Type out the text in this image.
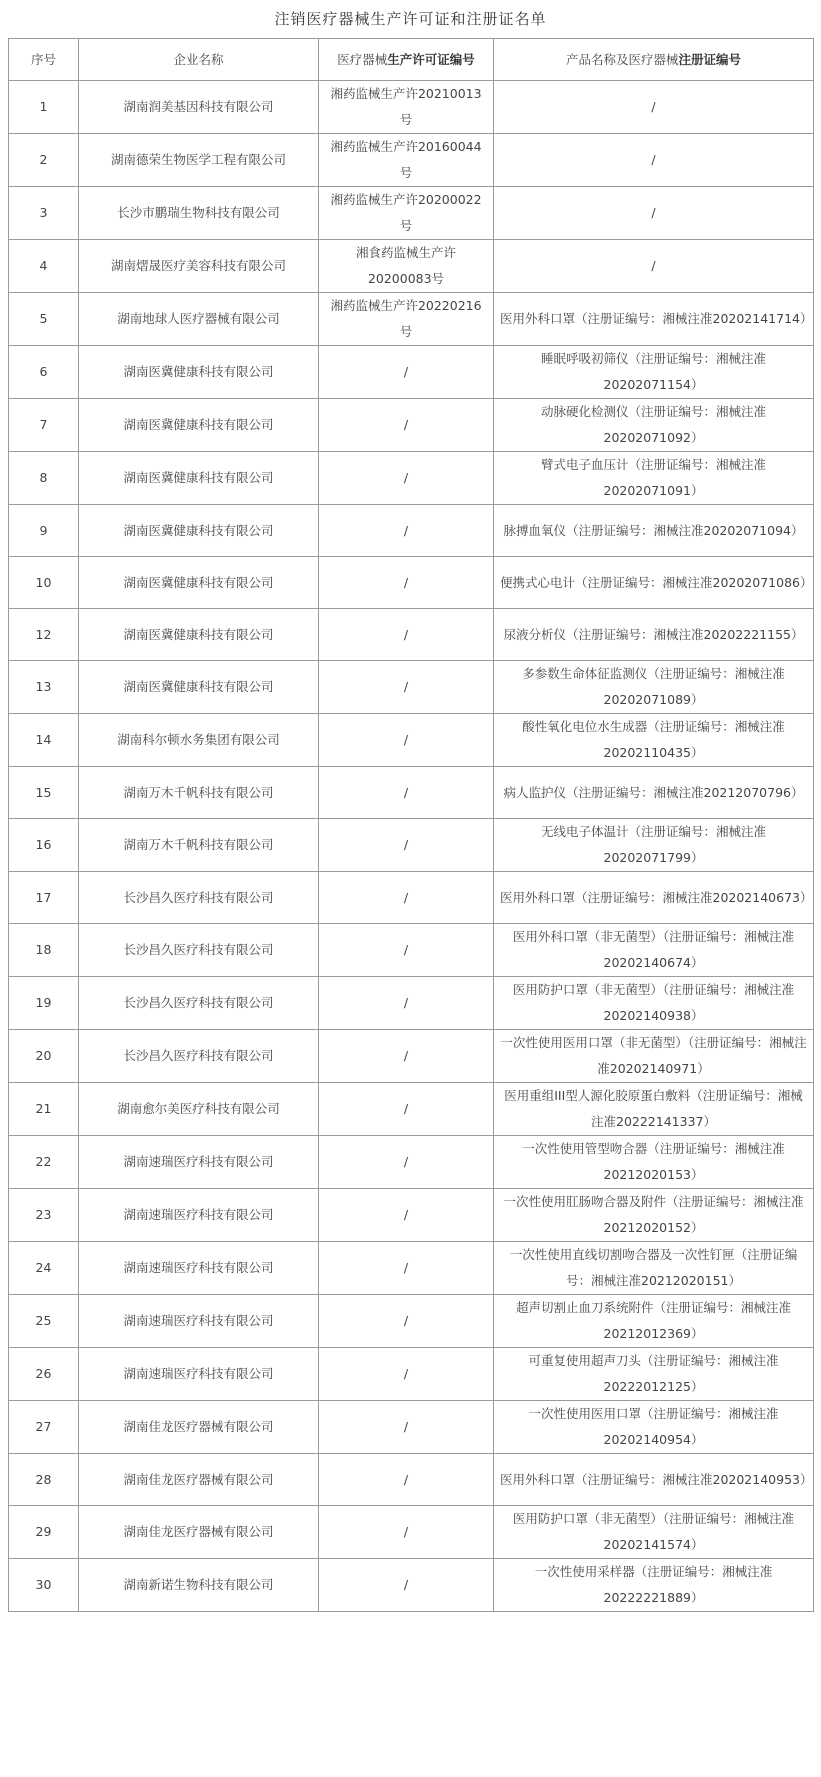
注销医疗器械生产许可证和注册证名单
序号	企业名称	医疗器械生产许可证编号	产品名称及医疗器械注册证编号
1	湖南润美基因科技有限公司	湘药监械生产许20210013号	/
2	湖南德荣生物医学工程有限公司	湘药监械生产许20160044号	/
3	长沙市鹏瑞生物科技有限公司	湘药监械生产许20200022号	/
4	湖南熠晟医疗美容科技有限公司	湘食药监械生产许20200083号	/
5	湖南地球人医疗器械有限公司	湘药监械生产许20220216号	医用外科口罩（注册证编号：湘械注准20202141714）
6	湖南医冀健康科技有限公司	/	睡眠呼吸初筛仪（注册证编号：湘械注准20202071154）
7	湖南医冀健康科技有限公司	/	动脉硬化检测仪（注册证编号：湘械注准20202071092）
8	湖南医冀健康科技有限公司	/	臂式电子血压计（注册证编号：湘械注准20202071091）
9	湖南医冀健康科技有限公司	/	脉搏血氧仪（注册证编号：湘械注准20202071094）
10	湖南医冀健康科技有限公司	/	便携式心电计（注册证编号：湘械注准20202071086）
12	湖南医冀健康科技有限公司	/	尿液分析仪（注册证编号：湘械注准20202221155）
13	湖南医冀健康科技有限公司	/	多参数生命体征监测仪（注册证编号：湘械注准20202071089）
14	湖南科尔顿水务集团有限公司	/	酸性氧化电位水生成器（注册证编号：湘械注准20202110435）
15	湖南万木千帆科技有限公司	/	病人监护仪（注册证编号：湘械注准20212070796）
16	湖南万木千帆科技有限公司	/	无线电子体温计（注册证编号：湘械注准20202071799）
17	长沙昌久医疗科技有限公司	/	医用外科口罩（注册证编号：湘械注准20202140673）
18	长沙昌久医疗科技有限公司	/	医用外科口罩（非无菌型）（注册证编号：湘械注准20202140674）
19	长沙昌久医疗科技有限公司	/	医用防护口罩（非无菌型）（注册证编号：湘械注准20202140938）
20	长沙昌久医疗科技有限公司	/	一次性使用医用口罩（非无菌型）（注册证编号：湘械注准20202140971）
21	湖南愈尔美医疗科技有限公司	/	医用重组III型人源化胶原蛋白敷料（注册证编号：湘械注准20222141337）
22	湖南速瑞医疗科技有限公司	/	一次性使用管型吻合器（注册证编号：湘械注准20212020153）
23	湖南速瑞医疗科技有限公司	/	一次性使用肛肠吻合器及附件（注册证编号：湘械注准20212020152）
24	湖南速瑞医疗科技有限公司	/	一次性使用直线切割吻合器及一次性钉匣（注册证编号：湘械注准20212020151）
25	湖南速瑞医疗科技有限公司	/	超声切割止血刀系统附件（注册证编号：湘械注准20212012369）
26	湖南速瑞医疗科技有限公司	/	可重复使用超声刀头（注册证编号：湘械注准20222012125）
27	湖南佳龙医疗器械有限公司	/	一次性使用医用口罩（注册证编号：湘械注准20202140954）
28	湖南佳龙医疗器械有限公司	/	医用外科口罩（注册证编号：湘械注准20202140953）
29	湖南佳龙医疗器械有限公司	/	医用防护口罩（非无菌型）（注册证编号：湘械注准20202141574）
30	湖南新诺生物科技有限公司	/	一次性使用采样器（注册证编号：湘械注准20222221889）
